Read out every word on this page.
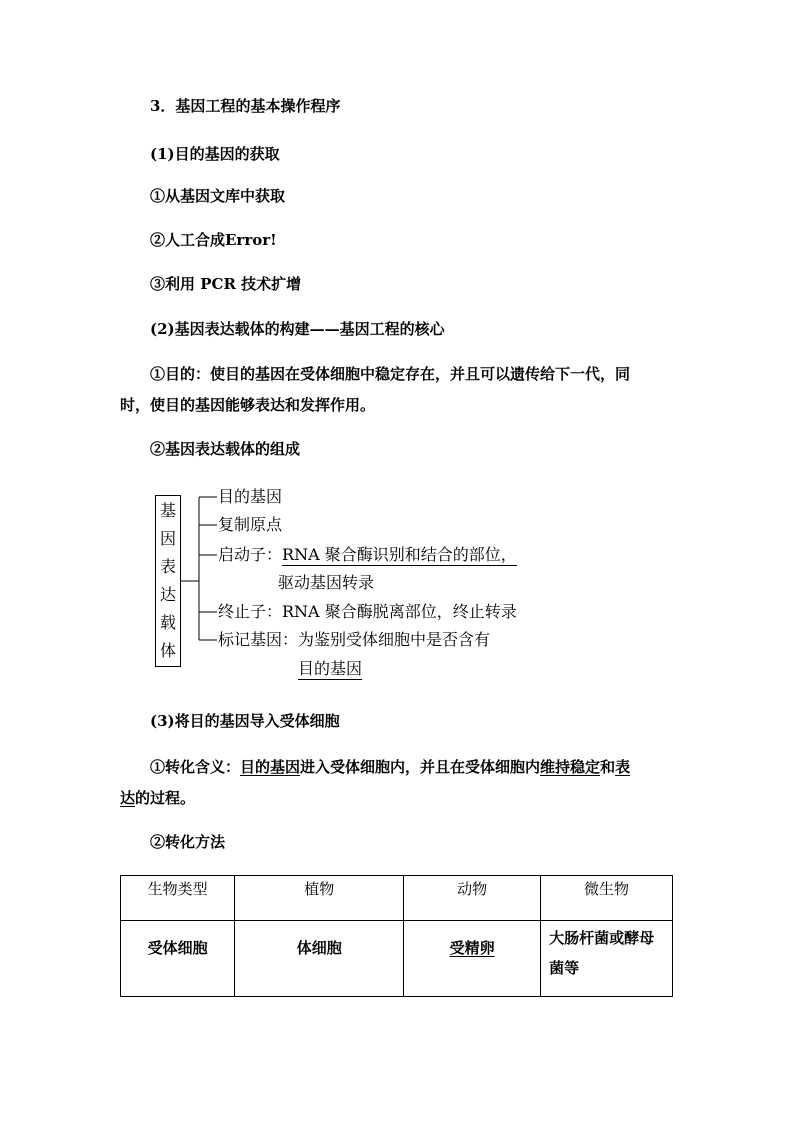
3．基因工程的基本操作程序
(1)目的基因的获取
①从基因文库中获取
②人工合成Error!
③利用 PCR 技术扩增
(2)基因表达载体的构建——基因工程的核心
①目的：使目的基因在受体细胞中稳定存在，并且可以遗传给下一代，同
时，使目的基因能够表达和发挥作用。
②基因表达载体的组成
基
因
表
达
载
体
目的基因
复制原点
启动子：RNA 聚合酶识别和结合的部位，
驱动基因转录
终止子：RNA 聚合酶脱离部位，终止转录
标记基因：为鉴别受体细胞中是否含有
目的基因
(3)将目的基因导入受体细胞
①转化含义：目的基因进入受体细胞内，并且在受体细胞内维持稳定和表
达的过程。
②转化方法
生物类型	植物	动物	微生物
受体细胞	体细胞	受精卵	大肠杆菌或酵母菌等
